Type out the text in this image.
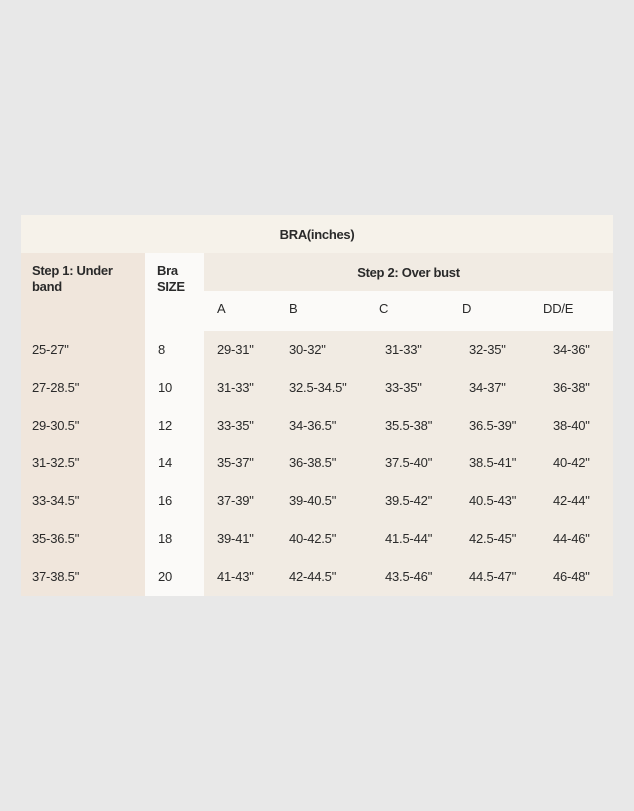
BRA(inches)
Step 2: Over bust
Step 1: Under band
Bra SIZE
A	B	C	D	DD/E
25-27"	8	29-31"	30-32"	31-33"	32-35"	34-36"
27-28.5"	10	31-33"	32.5-34.5"	33-35"	34-37"	36-38"
29-30.5"	12	33-35"	34-36.5"	35.5-38"	36.5-39"	38-40"
31-32.5"	14	35-37"	36-38.5"	37.5-40"	38.5-41"	40-42"
33-34.5"	16	37-39"	39-40.5"	39.5-42"	40.5-43"	42-44"
35-36.5"	18	39-41"	40-42.5"	41.5-44"	42.5-45"	44-46"
37-38.5"	20	41-43"	42-44.5"	43.5-46"	44.5-47"	46-48"
